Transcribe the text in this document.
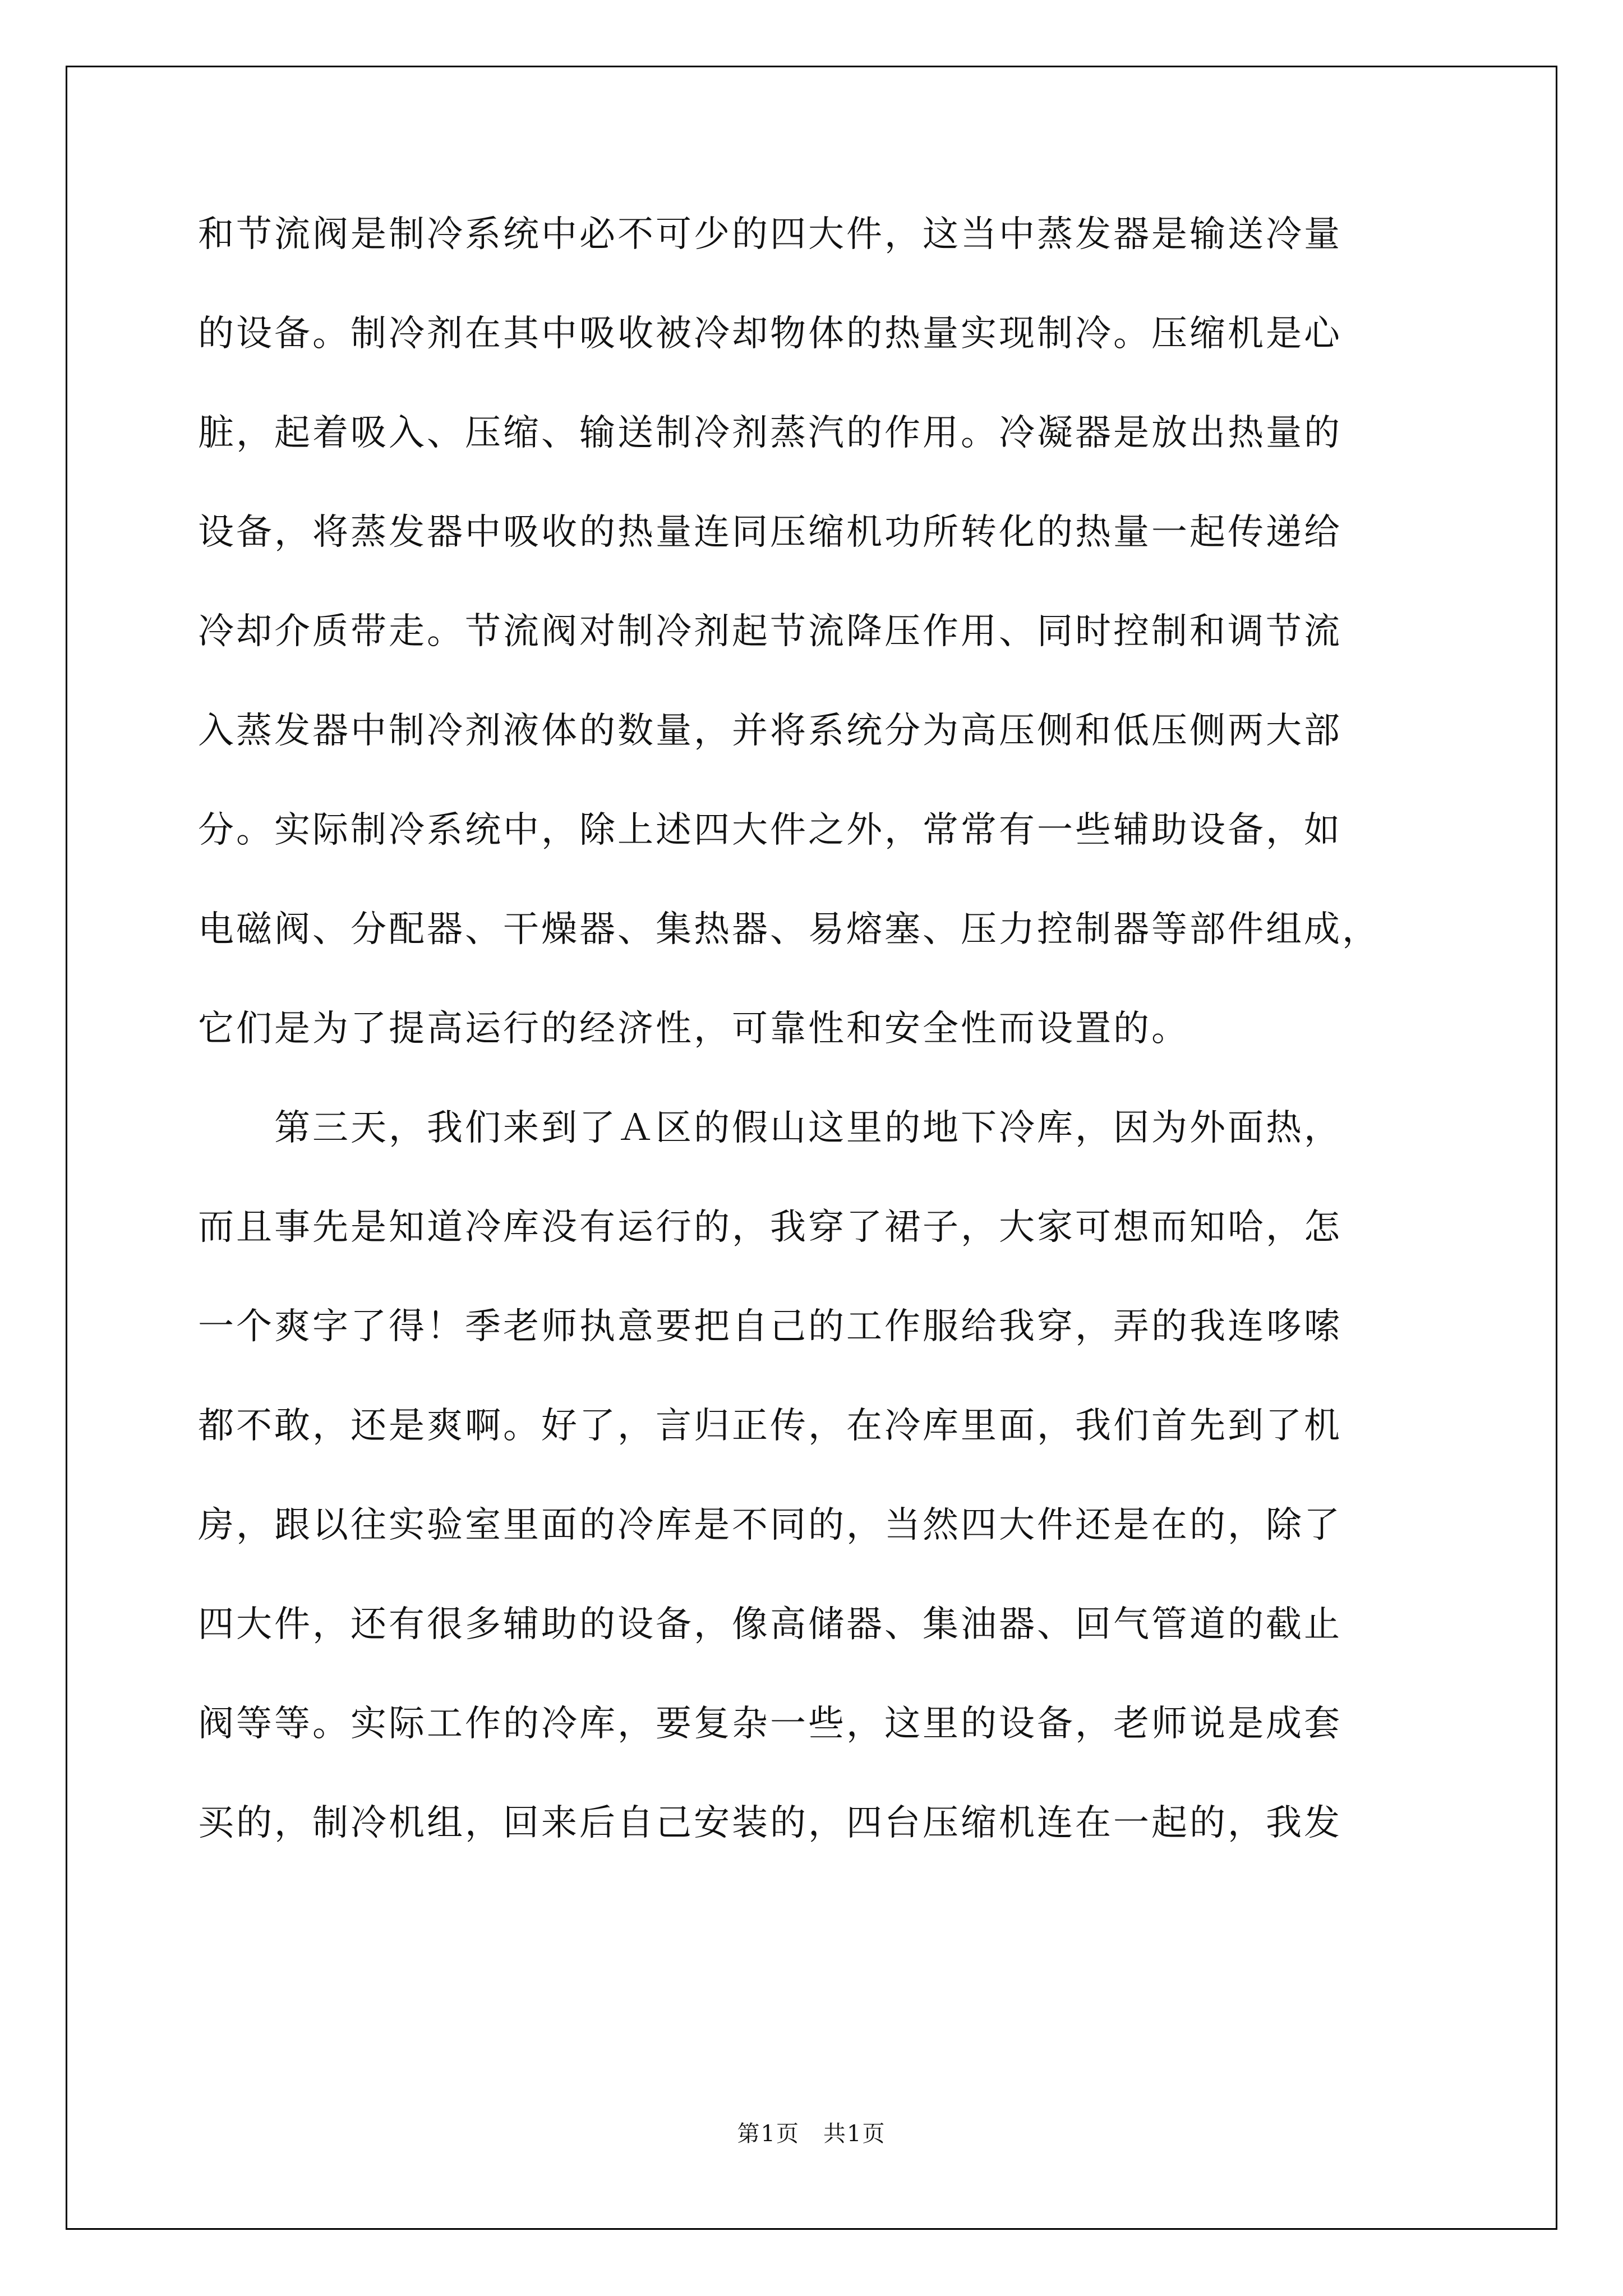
和节流阀是制冷系统中必不可少的四大件，这当中蒸发器是输送冷量
的设备。制冷剂在其中吸收被冷却物体的热量实现制冷。压缩机是心
脏，起着吸入、压缩、输送制冷剂蒸汽的作用。冷凝器是放出热量的
设备，将蒸发器中吸收的热量连同压缩机功所转化的热量一起传递给
冷却介质带走。节流阀对制冷剂起节流降压作用、同时控制和调节流
入蒸发器中制冷剂液体的数量，并将系统分为高压侧和低压侧两大部
分。实际制冷系统中，除上述四大件之外，常常有一些辅助设备，如
电磁阀、分配器、干燥器、集热器、易熔塞、压力控制器等部件组成，
它们是为了提高运行的经济性，可靠性和安全性而设置的。
　　第三天，我们来到了Ａ区的假山这里的地下冷库，因为外面热，
而且事先是知道冷库没有运行的，我穿了裙子，大家可想而知哈，怎
一个爽字了得！季老师执意要把自己的工作服给我穿，弄的我连哆嗦
都不敢，还是爽啊。好了，言归正传，在冷库里面，我们首先到了机
房，跟以往实验室里面的冷库是不同的，当然四大件还是在的，除了
四大件，还有很多辅助的设备，像高储器、集油器、回气管道的截止
阀等等。实际工作的冷库，要复杂一些，这里的设备，老师说是成套
买的，制冷机组，回来后自己安装的，四台压缩机连在一起的，我发
第1页　共1页
